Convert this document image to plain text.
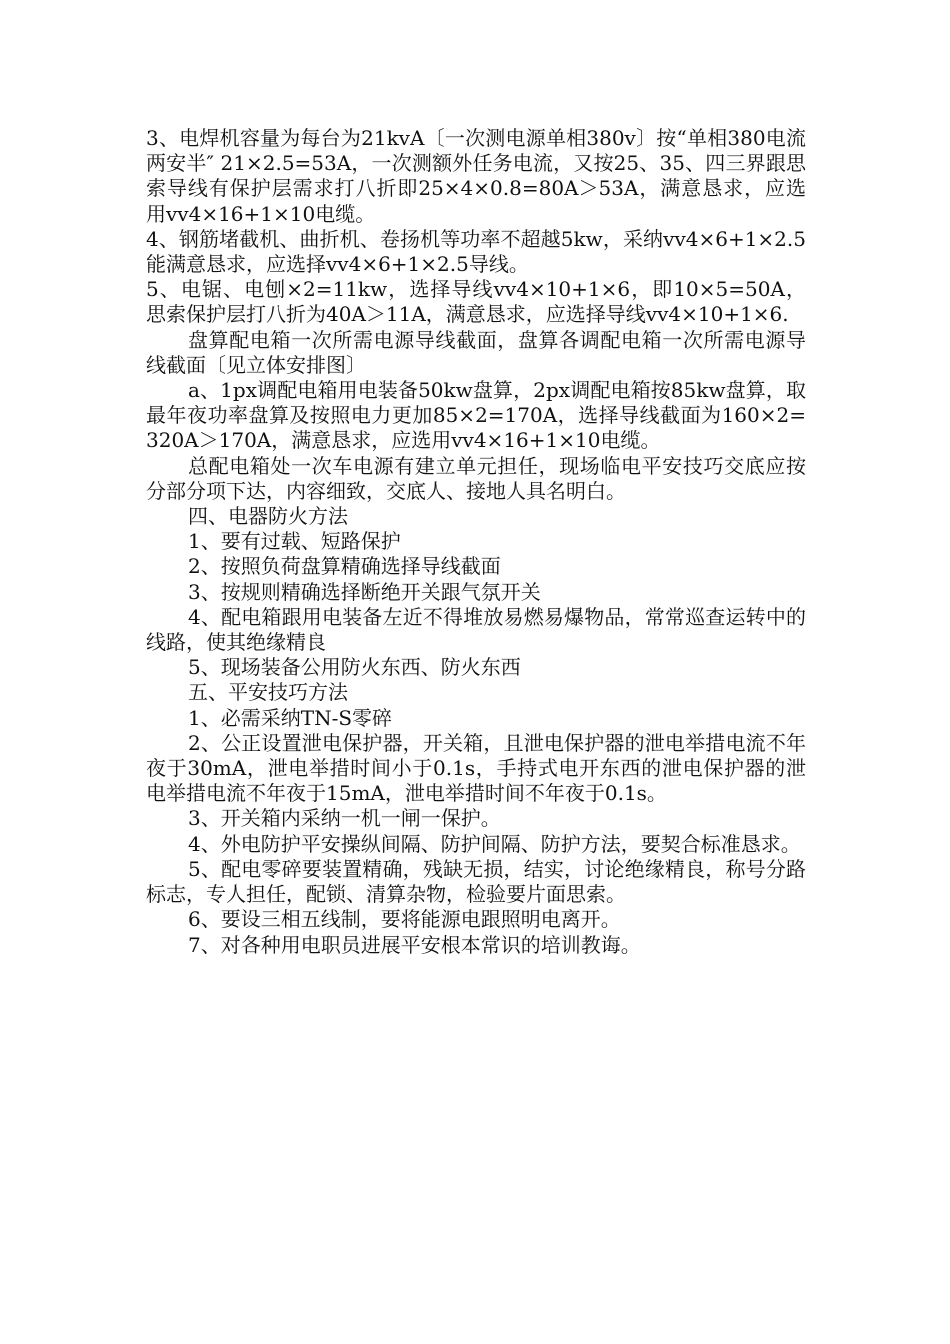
3、电焊机容量为每台为21kvA〔一次测电源单相380v〕按“单相380电流两安半″ 21×2.5=53A，一次测额外任务电流，又按25、35、四三界跟思索导线有保护层需求打八折即25×4×0.8=80A＞53A，满意恳求，应选用vv4×16+1×10电缆。

4、钢筋堵截机、曲折机、卷扬机等功率不超越5kw，采纳vv4×6+1×2.5能满意恳求，应选择vv4×6+1×2.5导线。

5、电锯、电刨×2=11kw，选择导线vv4×10+1×6，即10×5=50A，思索保护层打八折为40A＞11A，满意恳求，应选择导线vv4×10+1×6.

盘算配电箱一次所需电源导线截面，盘算各调配电箱一次所需电源导线截面〔见立体安排图〕

a、1px调配电箱用电装备50kw盘算，2px调配电箱按85kw盘算，取最年夜功率盘算及按照电力更加85×2=170A，选择导线截面为160×2=320A＞170A，满意恳求，应选用vv4×16+1×10电缆。

总配电箱处一次车电源有建立单元担任，现场临电平安技巧交底应按分部分项下达，内容细致，交底人、接地人具名明白。

四、电器防火方法

1、要有过载、短路保护

2、按照负荷盘算精确选择导线截面

3、按规则精确选择断绝开关跟气氛开关

4、配电箱跟用电装备左近不得堆放易燃易爆物品，常常巡查运转中的线路，使其绝缘精良

5、现场装备公用防火东西、防火东西

五、平安技巧方法

1、必需采纳TN-S零碎

2、公正设置泄电保护器，开关箱，且泄电保护器的泄电举措电流不年夜于30mA，泄电举措时间小于0.1s，手持式电开东西的泄电保护器的泄电举措电流不年夜于15mA，泄电举措时间不年夜于0.1s。

3、开关箱内采纳一机一闸一保护。

4、外电防护平安操纵间隔、防护间隔、防护方法，要契合标准恳求。

5、配电零碎要装置精确，残缺无损，结实，讨论绝缘精良，称号分路标志，专人担任，配锁、清算杂物，检验要片面思索。

6、要设三相五线制，要将能源电跟照明电离开。

7、对各种用电职员进展平安根本常识的培训教诲。
